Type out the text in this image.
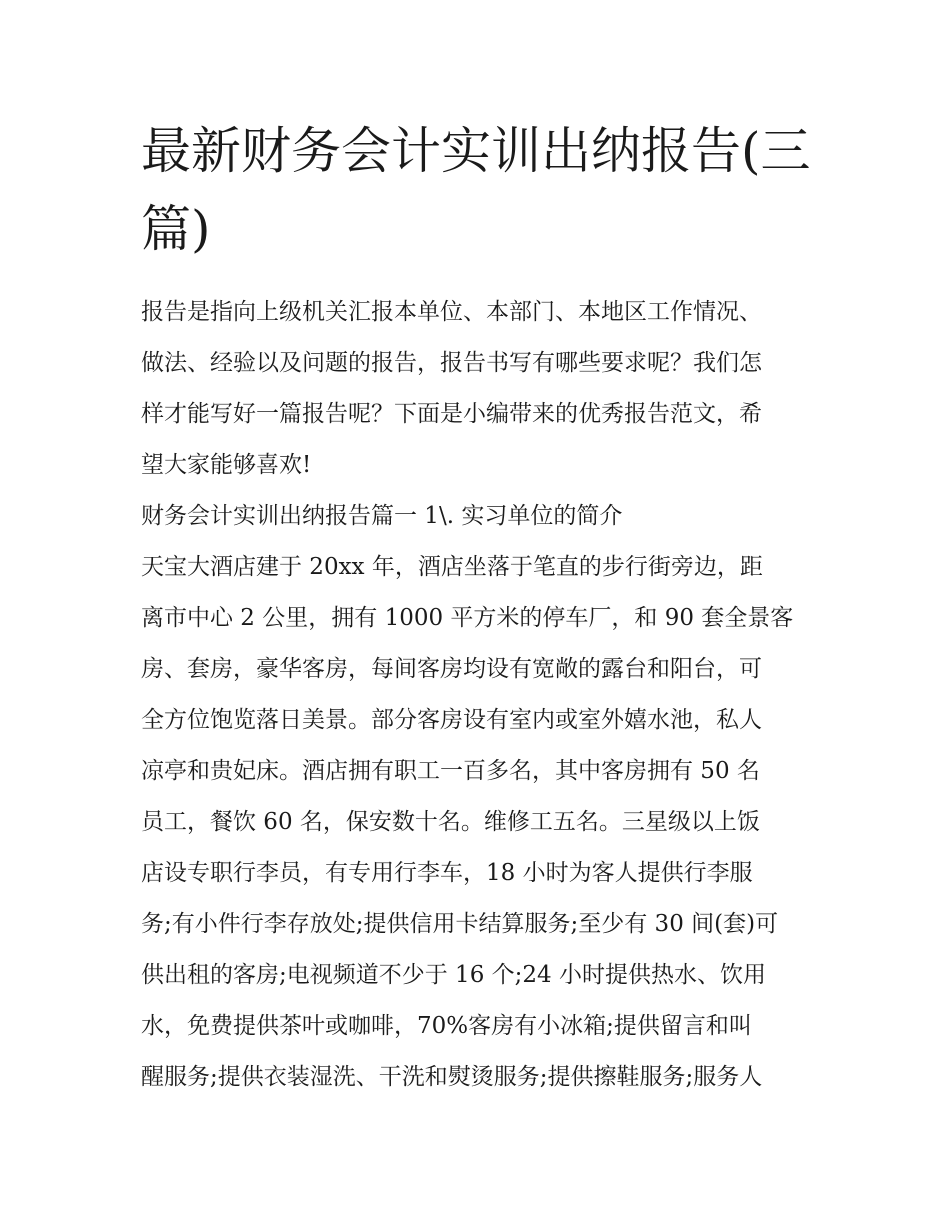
最新财务会计实训出纳报告(三
篇)
报告是指向上级机关汇报本单位、本部门、本地区工作情况、
做法、经验以及问题的报告，报告书写有哪些要求呢？我们怎
样才能写好一篇报告呢？下面是小编带来的优秀报告范文，希
望大家能够喜欢!
财务会计实训出纳报告篇一 1\. 实习单位的简介
天宝大酒店建于 20xx 年，酒店坐落于笔直的步行街旁边，距
离市中心 2 公里，拥有 1000 平方米的停车厂，和 90 套全景客
房、套房，豪华客房，每间客房均设有宽敞的露台和阳台，可
全方位饱览落日美景。部分客房设有室内或室外嬉水池，私人
凉亭和贵妃床。酒店拥有职工一百多名，其中客房拥有 50 名
员工，餐饮 60 名，保安数十名。维修工五名。三星级以上饭
店设专职行李员，有专用行李车，18 小时为客人提供行李服
务;有小件行李存放处;提供信用卡结算服务;至少有 30 间(套)可
供出租的客房;电视频道不少于 16 个;24 小时提供热水、饮用
水，免费提供茶叶或咖啡，70%客房有小冰箱;提供留言和叫
醒服务;提供衣装湿洗、干洗和熨烫服务;提供擦鞋服务;服务人
